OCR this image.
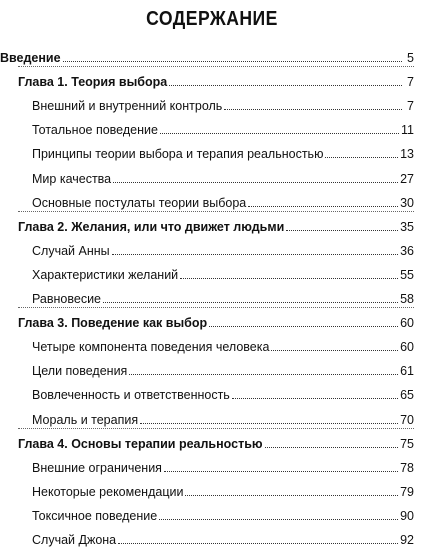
СОДЕРЖАНИЕ
Введение	5
Глава 1. Теория выбора	7
Внешний и внутренний контроль	7
Тотальное поведение	11
Принципы теории выбора и терапия реальностью	13
Мир качества	27
Основные постулаты теории выбора	30
Глава 2. Желания, или что движет людьми	35
Случай Анны	36
Характеристики желаний	55
Равновесие	58
Глава 3. Поведение как выбор	60
Четыре компонента поведения человека	60
Цели поведения	61
Вовлеченность и ответственность	65
Мораль и терапия	70
Глава 4. Основы терапии реальностью	75
Внешние ограничения	78
Некоторые рекомендации	79
Токсичное поведение	90
Случай Джона	92
